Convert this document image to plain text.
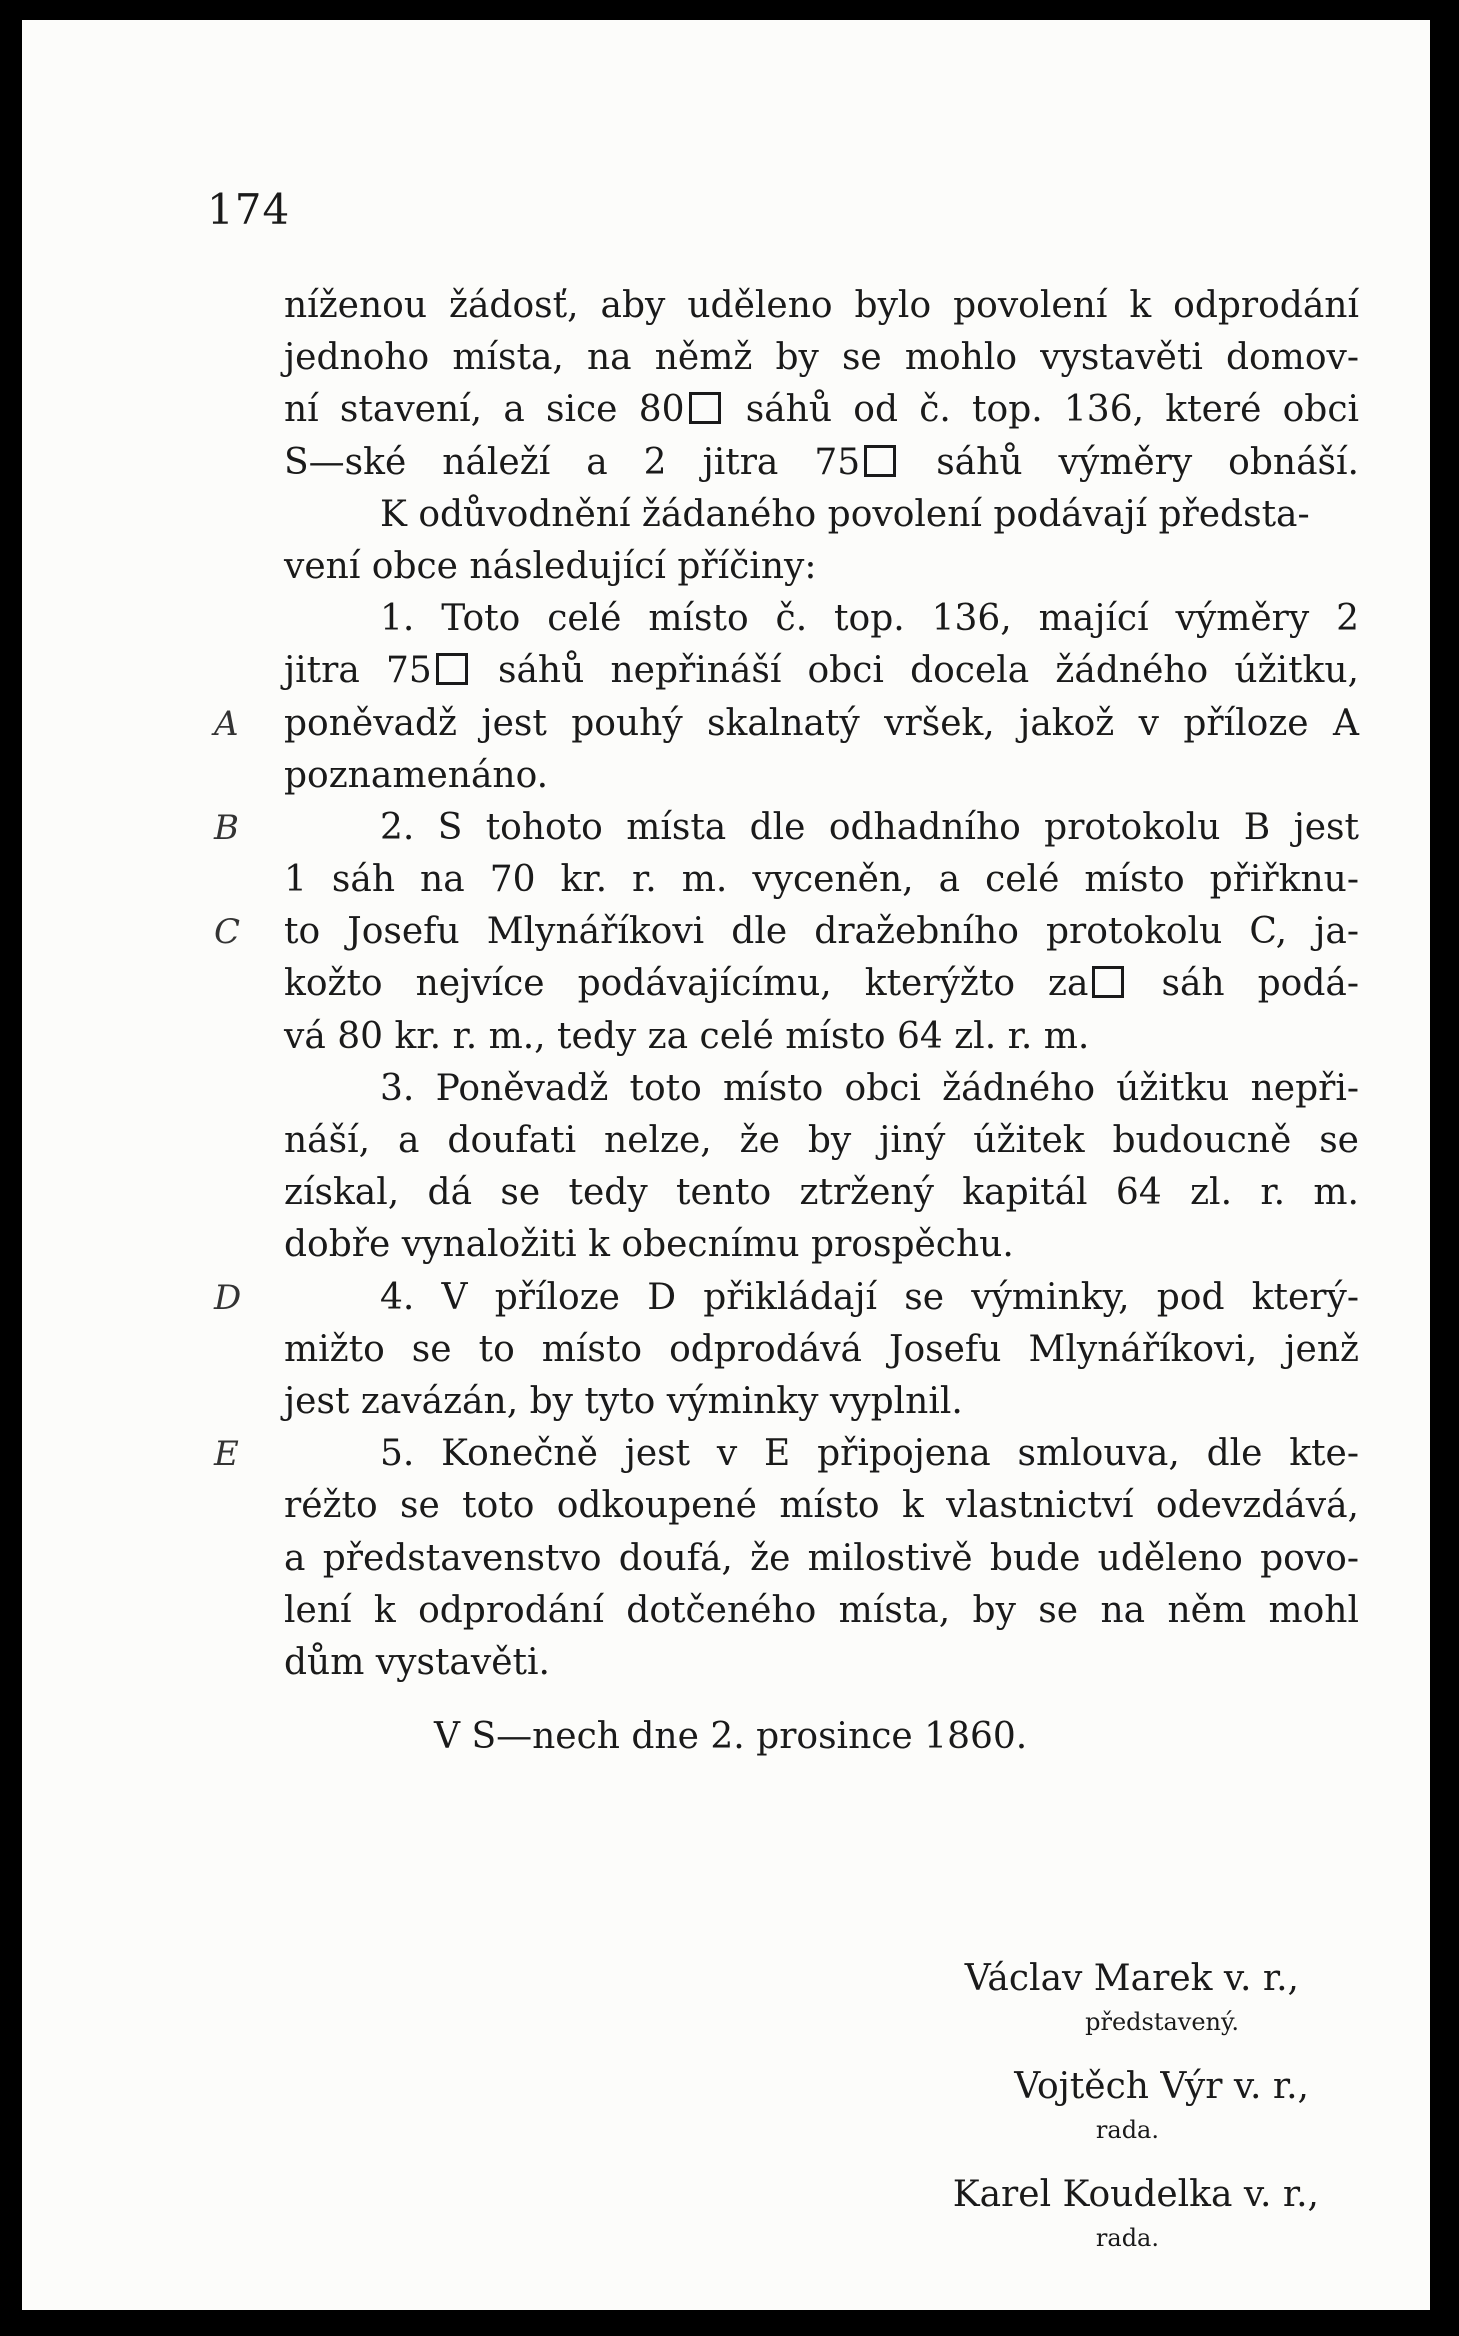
174
níženou žádosť, aby uděleno bylo povolení k odprodání
jednoho místa, na němž by se mohlo vystavěti domov-
ní stavení, a sice 80 sáhů od č. top. 136, které obci
S—ské náleží a 2 jitra 75 sáhů výměry obnáší.
K odůvodnění žádaného povolení podávají předsta-
vení obce následující příčiny:
1. Toto celé místo č. top. 136, mající výměry 2
jitra 75 sáhů nepřináší obci docela žádného úžitku,
A poněvadž jest pouhý skalnatý vršek, jakož v příloze A
poznamenáno.
B	2. S tohoto místa dle odhadního protokolu B jest
1 sáh na 70 kr. r. m. vyceněn, a celé místo přiřknu-
C to Josefu Mlynáříkovi dle dražebního protokolu C, ja-
kožto nejvíce podávajícímu, kterýžto za sáh podá-
vá 80 kr. r. m., tedy za celé místo 64 zl. r. m.
3. Poněvadž toto místo obci žádného úžitku nepři-
náší, a doufati nelze, že by jiný úžitek budoucně se
získal, dá se tedy tento ztržený kapitál 64 zl. r. m.
dobře vynaložiti k obecnímu prospěchu.
D	4. V příloze D přikládají se výminky, pod který-
mižto se to místo odprodává Josefu Mlynáříkovi, jenž
jest zavázán, by tyto výminky vyplnil.
E	5. Konečně jest v E připojena smlouva, dle kte-
réžto se toto odkoupené místo k vlastnictví odevzdává,
a představenstvo doufá, že milostivě bude uděleno povo-
lení k odprodání dotčeného místa, by se na něm mohl
dům vystavěti.
V S—nech dne 2. prosince 1860.
Václav Marek v. r.,
představený.
Vojtěch Výr v. r.,
rada.
Karel Koudelka v. r.,
rada.
